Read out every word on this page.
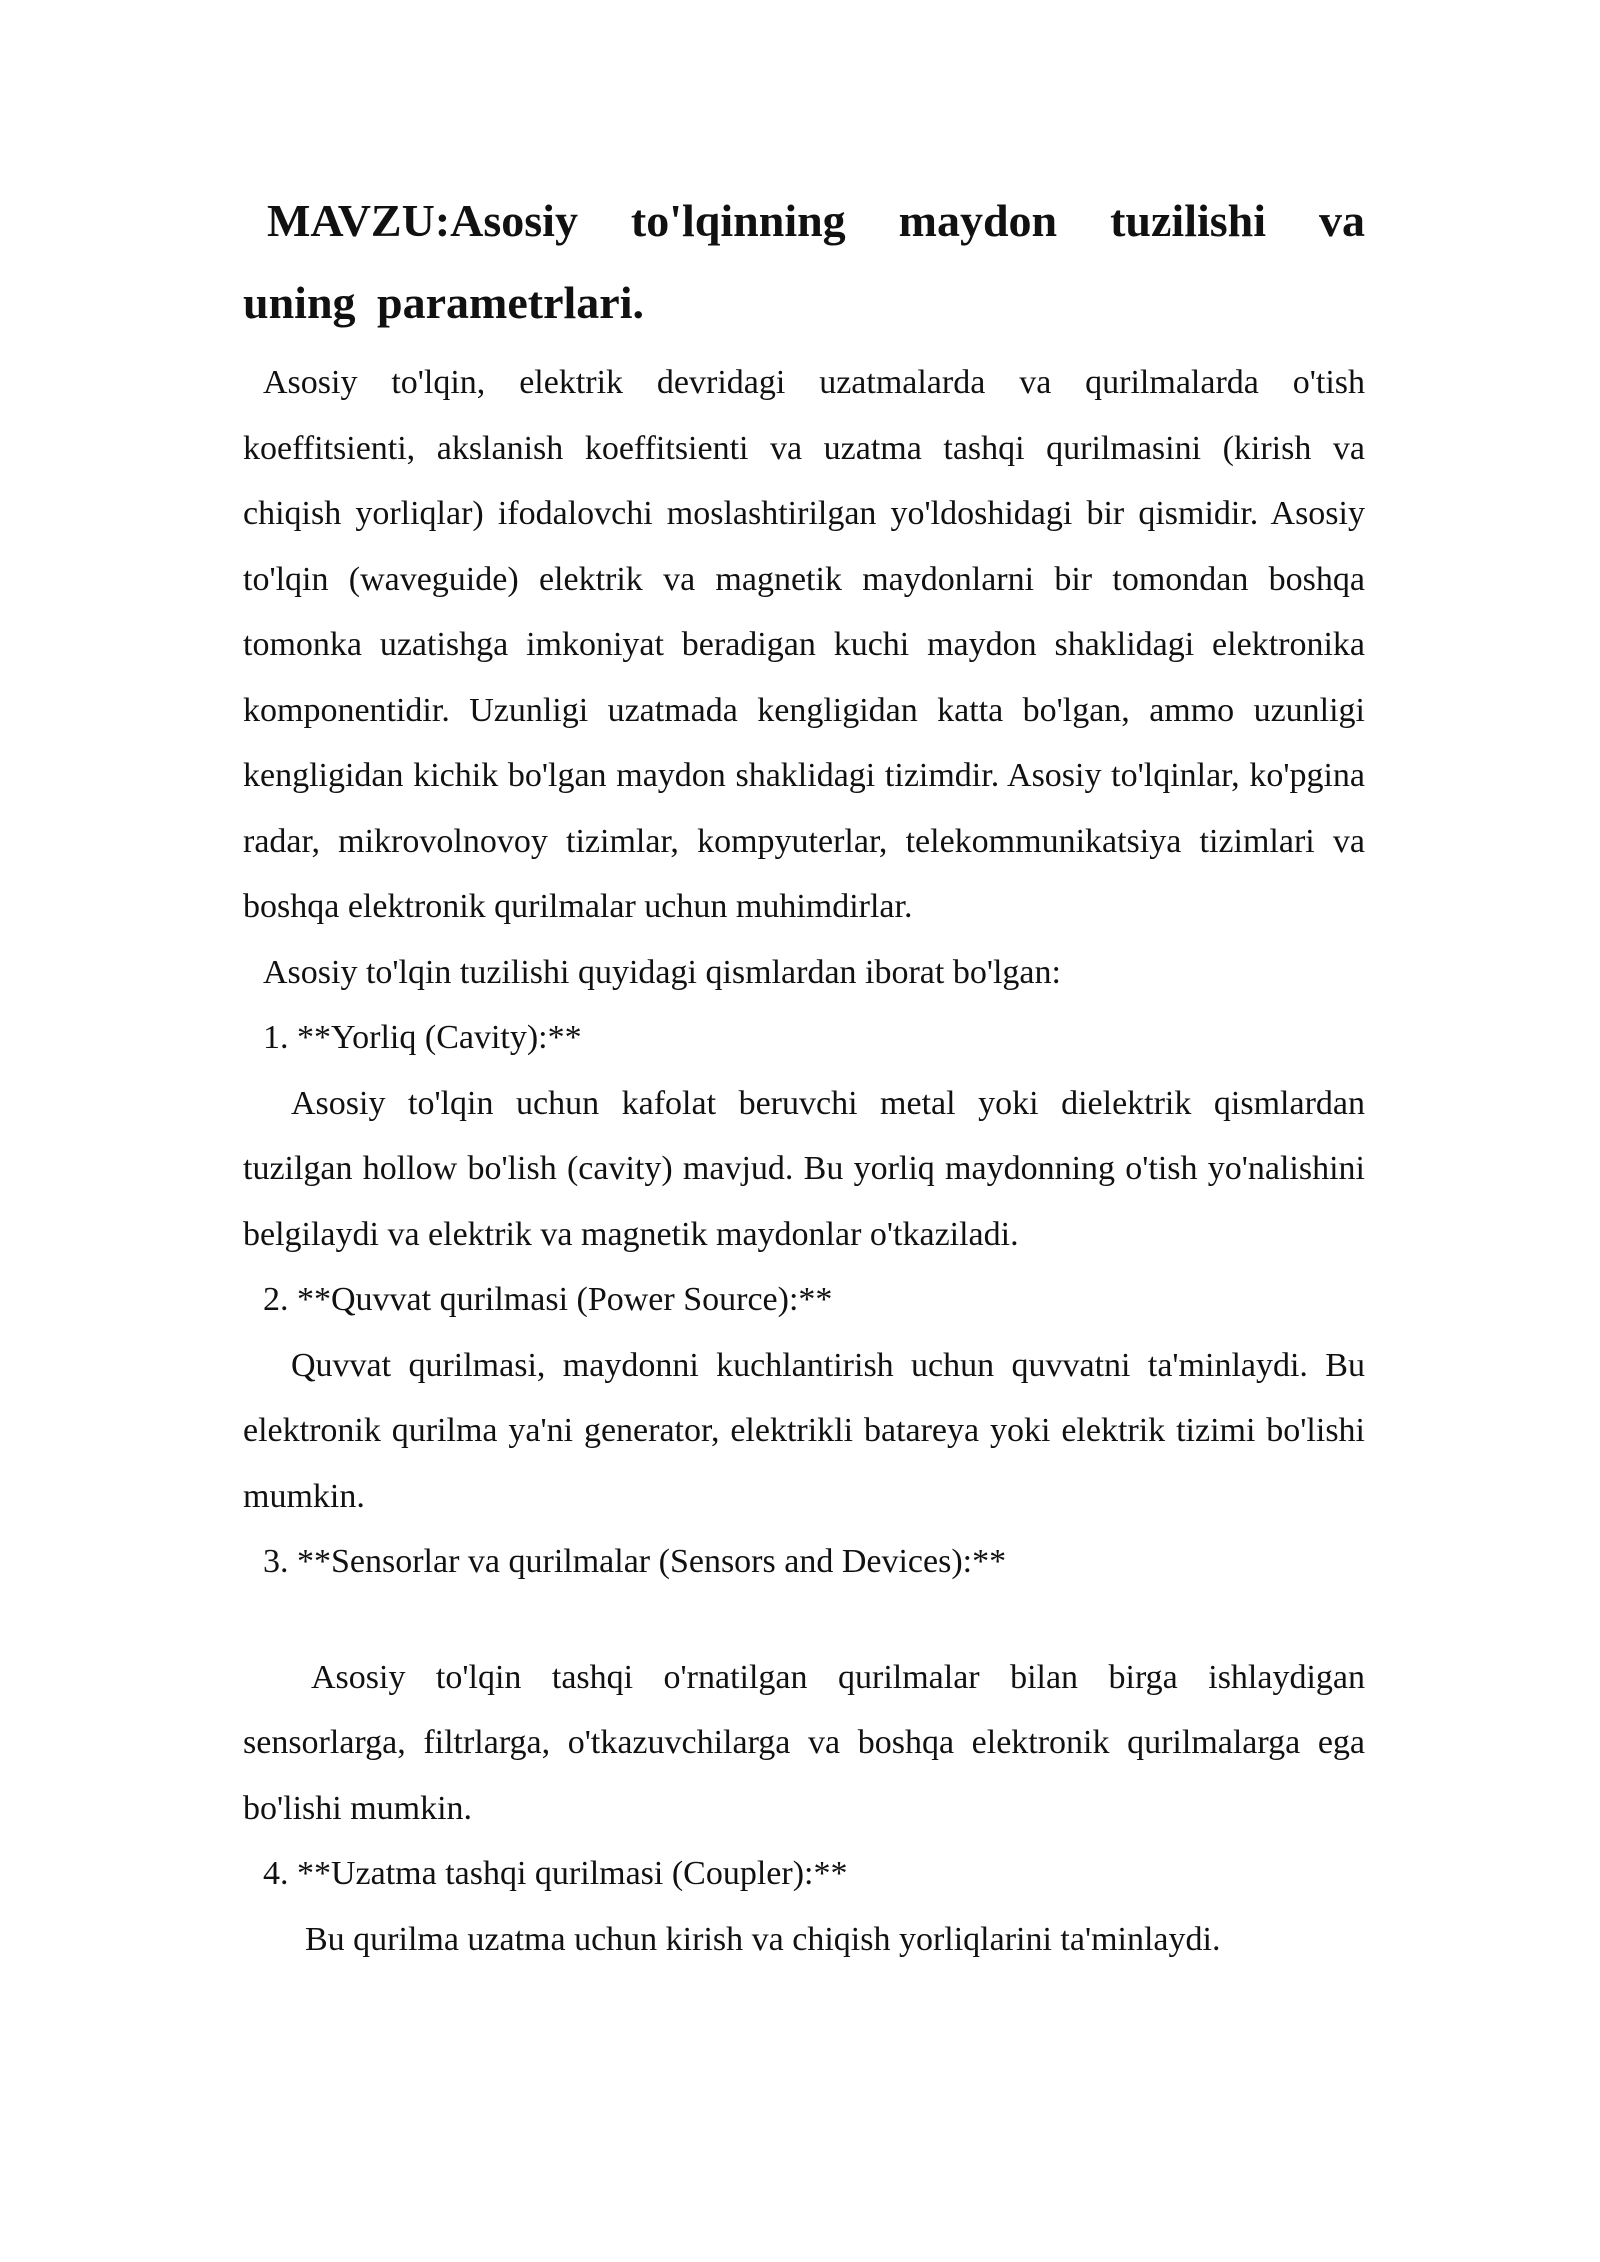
MAVZU:Asosiy to'lqinning maydon tuzilishi va uning parametrlari.

Asosiy to'lqin, elektrik devridagi uzatmalarda va qurilmalarda o'tish koeffitsienti, akslanish koeffitsienti va uzatma tashqi qurilmasini (kirish va chiqish yorliqlar) ifodalovchi moslashtirilgan yo'ldoshidagi bir qismidir. Asosiy to'lqin (waveguide) elektrik va magnetik maydonlarni bir tomondan boshqa tomonka uzatishga imkoniyat beradigan kuchi maydon shaklidagi elektronika komponentidir. Uzunligi uzatmada kengligidan katta bo'lgan, ammo uzunligi kengligidan kichik bo'lgan maydon shaklidagi tizimdir. Asosiy to'lqinlar, ko'pgina radar, mikrovolnovoy tizimlar, kompyuterlar, telekommunikatsiya tizimlari va boshqa elektronik qurilmalar uchun muhimdirlar.

Asosiy to'lqin tuzilishi quyidagi qismlardan iborat bo'lgan:

1. **Yorliq (Cavity):**

Asosiy to'lqin uchun kafolat beruvchi metal yoki dielektrik qismlardan tuzilgan hollow bo'lish (cavity) mavjud. Bu yorliq maydonning o'tish yo'nalishini belgilaydi va elektrik va magnetik maydonlar o'tkaziladi.

2. **Quvvat qurilmasi (Power Source):**

Quvvat qurilmasi, maydonni kuchlantirish uchun quvvatni ta'minlaydi. Bu elektronik qurilma ya'ni generator, elektrikli batareya yoki elektrik tizimi bo'lishi mumkin.

3. **Sensorlar va qurilmalar (Sensors and Devices):**

Asosiy to'lqin tashqi o'rnatilgan qurilmalar bilan birga ishlaydigan sensorlarga, filtrlarga, o'tkazuvchilarga va boshqa elektronik qurilmalarga ega bo'lishi mumkin.

4. **Uzatma tashqi qurilmasi (Coupler):**

Bu qurilma uzatma uchun kirish va chiqish yorliqlarini ta'minlaydi.
